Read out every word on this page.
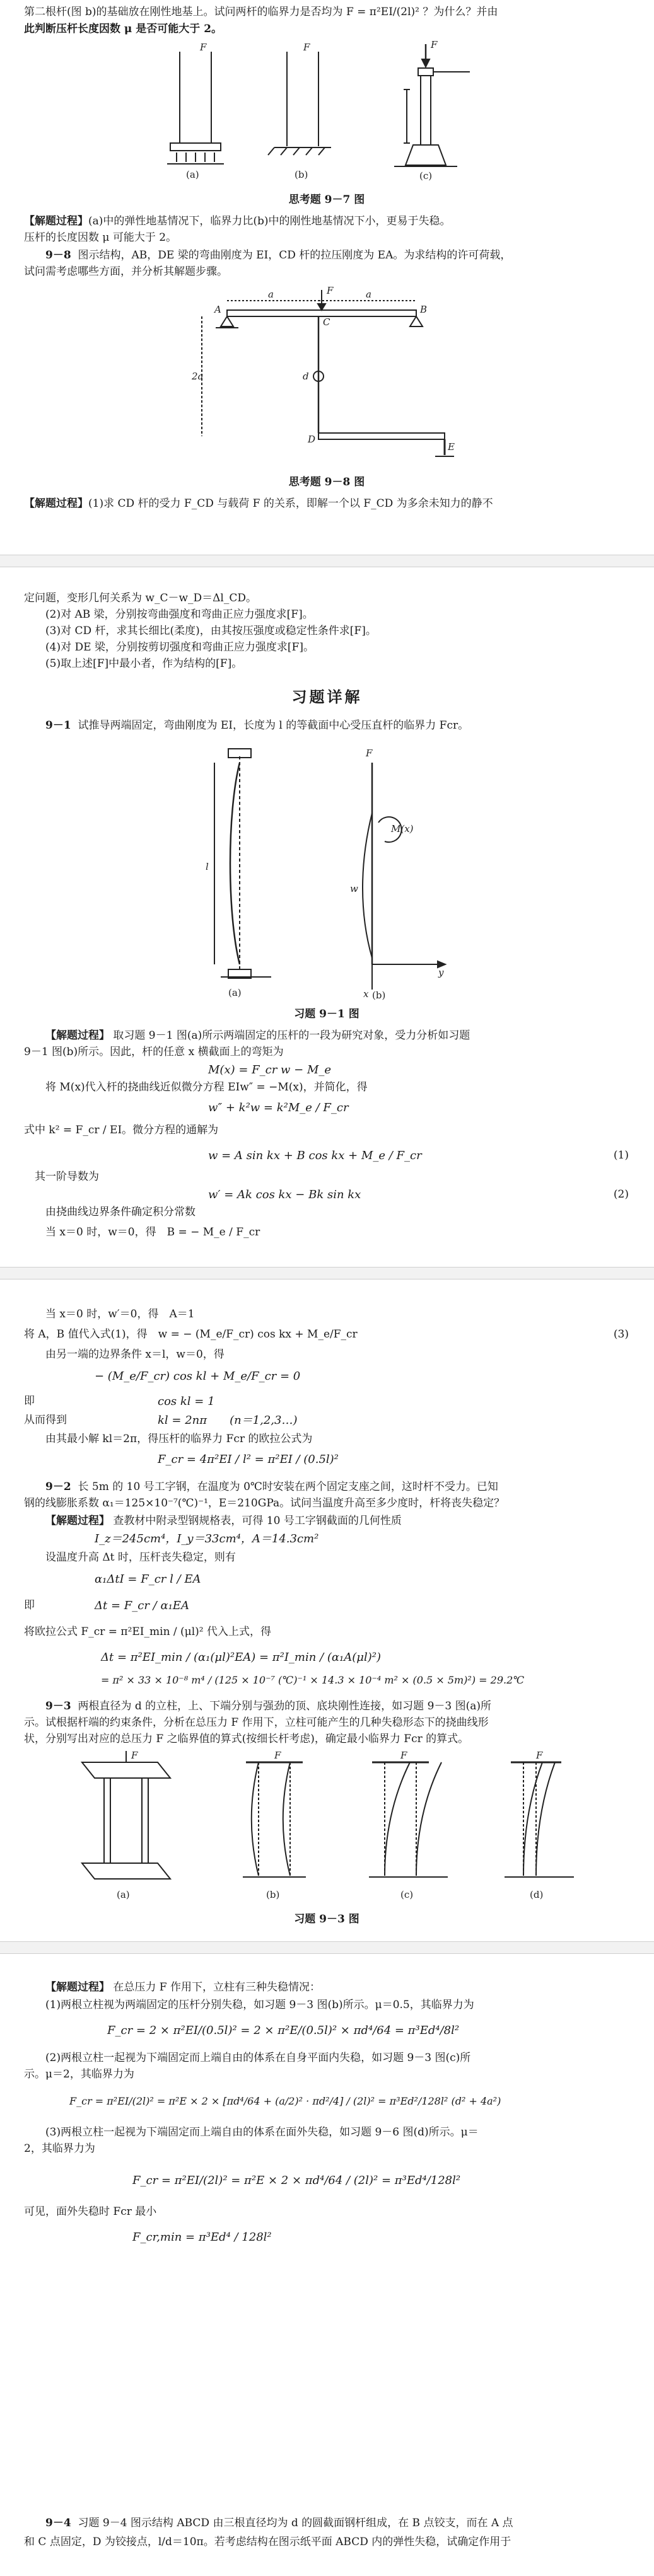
第二根杆(图 b)的基础放在刚性地基上。试问两杆的临界力是否均为 F = π²EI/(2l)² ？为什么？并由
此判断压杆长度因数 μ 是否可能大于 2。
(a)	(b)	(c)
F	F	F
思考题 9－7 图
【解题过程】(a)中的弹性地基情况下，临界力比(b)中的刚性地基情况下小，更易于失稳。
压杆的长度因数 μ 可能大于 2。
9－8 图示结构，AB，DE 梁的弯曲刚度为 EI，CD 杆的拉压刚度为 EA。为求结构的许可荷载，
试问需考虑哪些方面，并分析其解题步骤。
A	B
C
D
E
F
a	a
2a	d
思考题 9－8 图
【解题过程】(1)求 CD 杆的受力 F_CD 与载荷 F 的关系，即解一个以 F_CD 为多余未知力的静不
定问题，变形几何关系为 w_C－w_D＝Δl_CD。
(2)对 AB 梁，分别按弯曲强度和弯曲正应力强度求[F]。
(3)对 CD 杆，求其长细比(柔度)，由其按压强度或稳定性条件求[F]。
(4)对 DE 梁，分别按剪切强度和弯曲正应力强度求[F]。
(5)取上述[F]中最小者，作为结构的[F]。
习题详解
9－1 试推导两端固定，弯曲刚度为 EI，长度为 l 的等截面中心受压直杆的临界力 Fcr。
(a)	(b)
l
F
M(x)
y
x
w
习题 9－1 图
【解题过程】 取习题 9－1 图(a)所示两端固定的压杆的一段为研究对象，受力分析如习题
9－1 图(b)所示。因此，杆的任意 x 横截面上的弯矩为
M(x) = F_cr w − M_e
将 M(x)代入杆的挠曲线近似微分方程 EIw″ = −M(x)，并简化，得
w″ + k²w = k²M_e / F_cr
式中 k² = F_cr / EI。微分方程的通解为
w = A sin kx + B cos kx + M_e / F_cr	(1)
其一阶导数为
w′ = Ak cos kx − Bk sin kx	(2)
由挠曲线边界条件确定积分常数
当 x＝0 时，w＝0，得　B = − M_e / F_cr
当 x＝0 时，w′＝0，得　A＝1
将 A，B 值代入式(1)，得　w = − (M_e/F_cr) cos kx + M_e/F_cr	(3)
由另一端的边界条件 x＝l，w＝0，得
− (M_e/F_cr) cos kl + M_e/F_cr = 0
即	cos kl = 1
从而得到	kl = 2nπ　　(n＝1,2,3…)
由其最小解 kl＝2π，得压杆的临界力 Fcr 的欧拉公式为
F_cr = 4π²EI / l² = π²EI / (0.5l)²
9－2 长 5m 的 10 号工字钢，在温度为 0℃时安装在两个固定支座之间，这时杆不受力。已知
钢的线膨胀系数 α₁＝125×10⁻⁷(℃)⁻¹，E＝210GPa。试问当温度升高至多少度时，杆将丧失稳定？
【解题过程】 查教材中附录型钢规格表，可得 10 号工字钢截面的几何性质
I_z＝245cm⁴，I_y＝33cm⁴，A＝14.3cm²
设温度升高 Δt 时，压杆丧失稳定，则有
α₁ΔtI = F_cr l / EA
即	Δt = F_cr / α₁EA
将欧拉公式 F_cr = π²EI_min / (μl)² 代入上式，得
Δt = π²EI_min / (α₁(μl)²EA) = π²I_min / (α₁A(μl)²)
= π² × 33 × 10⁻⁸ m⁴ / (125 × 10⁻⁷ (℃)⁻¹ × 14.3 × 10⁻⁴ m² × (0.5 × 5m)²) = 29.2℃
9－3 两根直径为 d 的立柱，上、下端分别与强劲的顶、底块刚性连接，如习题 9－3 图(a)所
示。试根据杆端的约束条件，分析在总压力 F 作用下，立柱可能产生的几种失稳形态下的挠曲线形
状，分别写出对应的总压力 F 之临界值的算式(按细长杆考虑)，确定最小临界力 Fcr 的算式。
(a)	(b)	(c)	(d)
F	F	F	F
习题 9－3 图
【解题过程】 在总压力 F 作用下，立柱有三种失稳情况：
(1)两根立柱视为两端固定的压杆分别失稳，如习题 9－3 图(b)所示。μ＝0.5，其临界力为
F_cr = 2 × π²EI/(0.5l)² = 2 × π²E/(0.5l)² × πd⁴/64 = π³Ed⁴/8l²
(2)两根立柱一起视为下端固定而上端自由的体系在自身平面内失稳，如习题 9－3 图(c)所
示。μ＝2，其临界力为
F_cr = π²EI/(2l)² = π²E × 2 × [πd⁴/64 + (a/2)² · πd²/4] / (2l)² = π³Ed²/128l² (d² + 4a²)
(3)两根立柱一起视为下端固定而上端自由的体系在面外失稳，如习题 9－6 图(d)所示。μ＝
2，其临界力为
F_cr = π²EI/(2l)² = π²E × 2 × πd⁴/64 / (2l)² = π³Ed⁴/128l²
可见，面外失稳时 Fcr 最小
F_cr,min = π³Ed⁴ / 128l²
9－4 习题 9－4 图示结构 ABCD 由三根直径均为 d 的圆截面钢杆组成，在 B 点铰支，而在 A 点
和 C 点固定，D 为铰接点，l/d＝10π。若考虑结构在图示纸平面 ABCD 内的弹性失稳，试确定作用于
